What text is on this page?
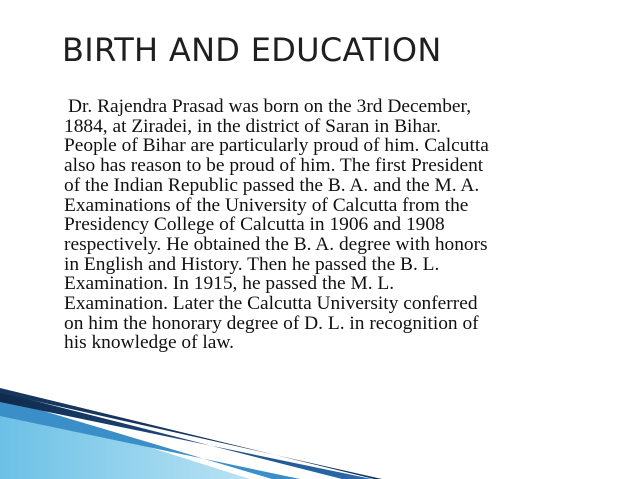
BIRTH AND EDUCATION
Dr. Rajendra Prasad was born on the 3rd December,
1884, at Ziradei, in the district of Saran in Bihar.
People of Bihar are particularly proud of him. Calcutta
also has reason to be proud of him. The first President
of the Indian Republic passed the B. A. and the M. A.
Examinations of the University of Calcutta from the
Presidency College of Calcutta in 1906 and 1908
respectively. He obtained the B. A. degree with honors
in English and History. Then he passed the B. L.
Examination. In 1915, he passed the M. L.
Examination. Later the Calcutta University conferred
on him the honorary degree of D. L. in recognition of
his knowledge of law.
